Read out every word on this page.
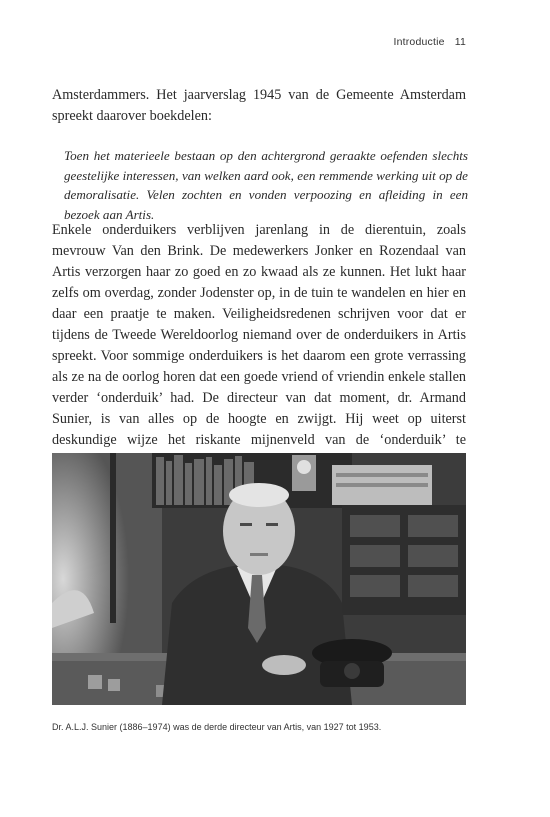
Introductie 11

Amsterdammers. Het jaarverslag 1945 van de Gemeente Amsterdam spreekt daarover boekdelen:

Toen het materieele bestaan op den achtergrond geraakte oefenden slechts geestelijke interessen, van welken aard ook, een remmende werking uit op de demoralisatie. Velen zochten en vonden verpoozing en afleiding in een bezoek aan Artis.

Enkele onderduikers verblijven jarenlang in de dierentuin, zoals mevrouw Van den Brink. De medewerkers Jonker en Rozendaal van Artis verzorgen haar zo goed en zo kwaad als ze kunnen. Het lukt haar zelfs om overdag, zonder Jodenster op, in de tuin te wandelen en hier en daar een praatje te maken. Veiligheidsredenen schrijven voor dat er tijdens de Tweede Wereldoorlog niemand over de onderduikers in Artis spreekt. Voor sommige onderduikers is het daarom een grote verrassing als ze na de oorlog horen dat een goede vriend of vriendin enkele stallen verder ‘onderduik’ had. De directeur van dat moment, dr. Armand Sunier, is van alles op de hoogte en zwijgt. Hij weet op uiterst deskundige wijze het riskante mijnenveld van de ‘onderduik’ te

Dr. A.L.J. Sunier (1886–1974) was de derde directeur van Artis, van 1927 tot 1953.
